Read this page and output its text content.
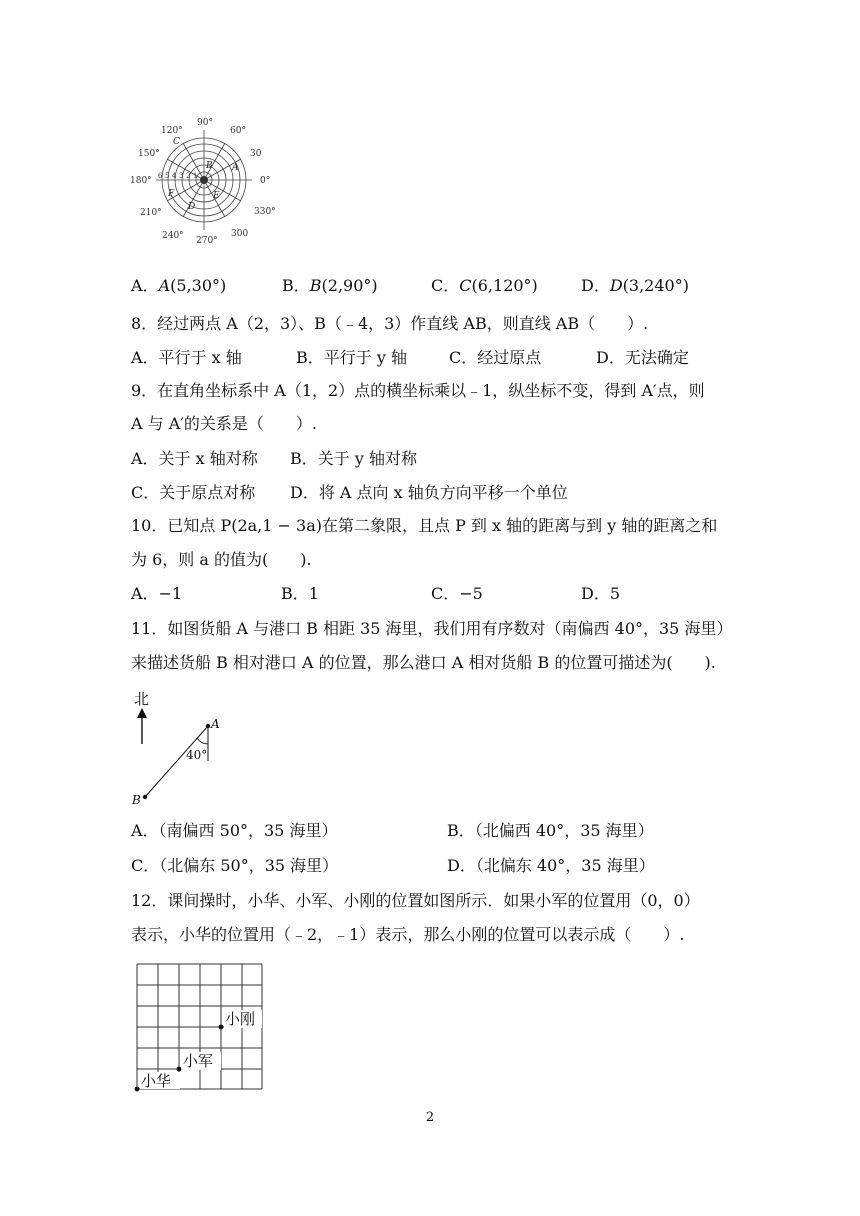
0°
30
60°
90°
120°
150°
180°
210°
240° 270°
300
330°
6 5 4 3 2 1
A
B
C
D
E
F
A．A(5,30°)	B．B(2,90°)	C．C(6,120°)	D．D(3,240°)
8．经过两点 A（2，3）、B（﹣4，3）作直线 AB，则直线 AB（　　）.
A．平行于 x 轴	B．平行于 y 轴	C．经过原点	D．无法确定
9．在直角坐标系中 A（1，2）点的横坐标乘以﹣1，纵坐标不变，得到 A′点，则
A 与 A′的关系是（　　）.
A．关于 x 轴对称 B．关于 y 轴对称
C．关于原点对称 D．将 A 点向 x 轴负方向平移一个单位
10．已知点 P(2a,1 − 3a)在第二象限，且点 P 到 x 轴的距离与到 y 轴的距离之和
为 6，则 a 的值为(　　).
A．−1	B．1	C．−5	D．5
11．如图货船 A 与港口 B 相距 35 海里，我们用有序数对（南偏西 40°，35 海里）
来描述货船 B 相对港口 A 的位置，那么港口 A 相对货船 B 的位置可描述为(　　).
北
40°
A
B
A．（南偏西 50°，35 海里）	B．（北偏西 40°，35 海里）
C．（北偏东 50°，35 海里）	D．（北偏东 40°，35 海里）
12．课间操时，小华、小军、小刚的位置如图所示．如果小军的位置用（0，0）
表示，小华的位置用（﹣2，﹣1）表示，那么小刚的位置可以表示成（　　）.
小刚
小军
小华
2
